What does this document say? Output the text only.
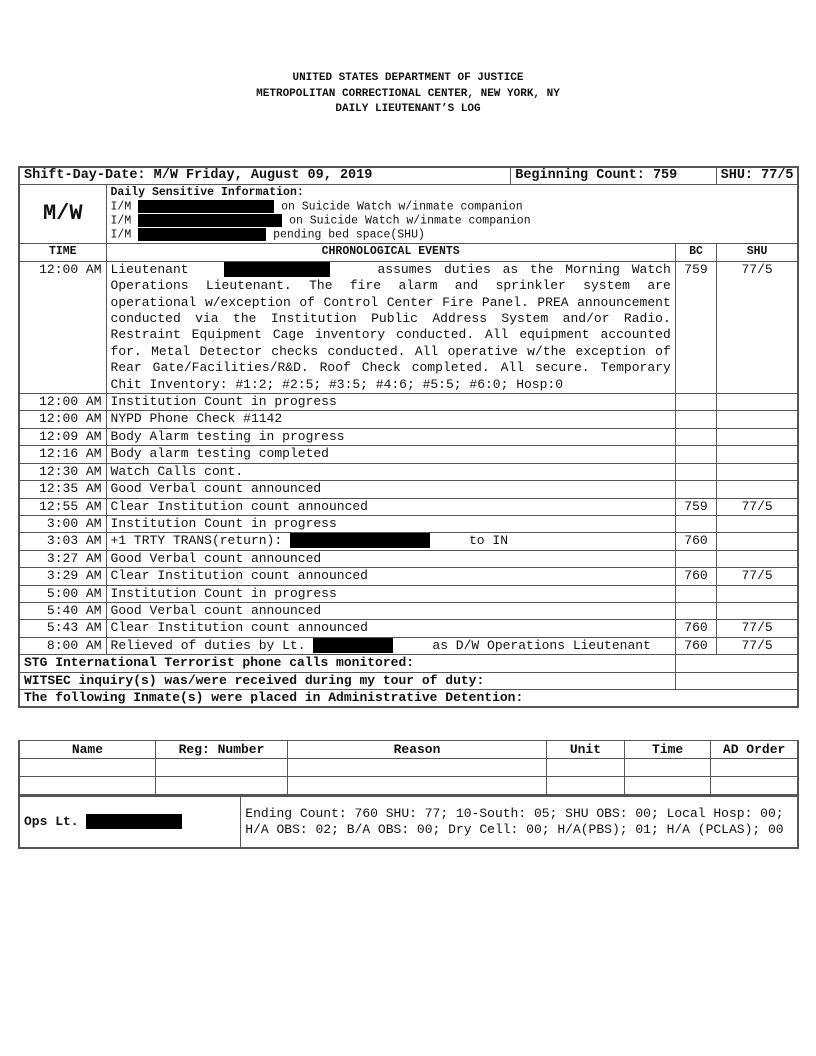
UNITED STATES DEPARTMENT OF JUSTICE
METROPOLITAN CORRECTIONAL CENTER, NEW YORK, NY
DAILY LIEUTENANT’S LOG
Shift-Day-Date: M/W Friday, August 09, 2019		Beginning Count: 759		SHU: 77/5
M/W	Daily Sensitive Information:
I/M on Suicide Watch w/inmate companion
I/M on Suicide Watch w/inmate companion
I/M pending bed space(SHU)			

TIME	CHRONOLOGICAL EVENTS		BC	SHU
12:00 AM	Lieutenant assumes duties as the Morning Watch Operations Lieutenant. The fire alarm and sprinkler system are operational w/exception of Control Center Fire Panel. PREA announcement conducted via the Institution Public Address System and/or Radio. Restraint Equipment Cage inventory conducted. All equipment accounted for. Metal Detector checks conducted. All operative w/the exception of Rear Gate/Facilities/R&D. Roof Check completed. All secure. Temporary Chit Inventory: #1:2; #2:5; #3:5; #4:6; #5:5; #6:0; Hosp:0		759	77/5
12:00 AM	Institution Count in progress			
12:00 AM	NYPD Phone Check #1142			
12:09 AM	Body Alarm testing in progress			
12:16 AM	Body alarm testing completed			
12:30 AM	Watch Calls cont.			
12:35 AM	Good Verbal count announced			
12:55 AM	Clear Institution count announced		759	77/5
3:00 AM	Institution Count in progress			
3:03 AM	+1 TRTY TRANS(return): to IN		760	
3:27 AM	Good Verbal count announced			
3:29 AM	Clear Institution count announced		760	77/5
5:00 AM	Institution Count in progress			
5:40 AM	Good Verbal count announced			
5:43 AM	Clear Institution count announced		760	77/5
8:00 AM	Relieved of duties by Lt. as D/W Operations Lieutenant		760	77/5
STG International Terrorist phone calls monitored:				
WITSEC inquiry(s) was/were received during my tour of duty:				
The following Inmate(s) were placed in Administrative Detention:				
Name	Reg: Number	Reason	Unit	Time	AD Order

Ops Lt.	Ending Count: 760 SHU: 77; 10-South: 05; SHU OBS: 00; Local Hosp: 00; H/A OBS: 02; B/A OBS: 00; Dry Cell: 00; H/A(PBS); 01; H/A (PCLAS); 00
